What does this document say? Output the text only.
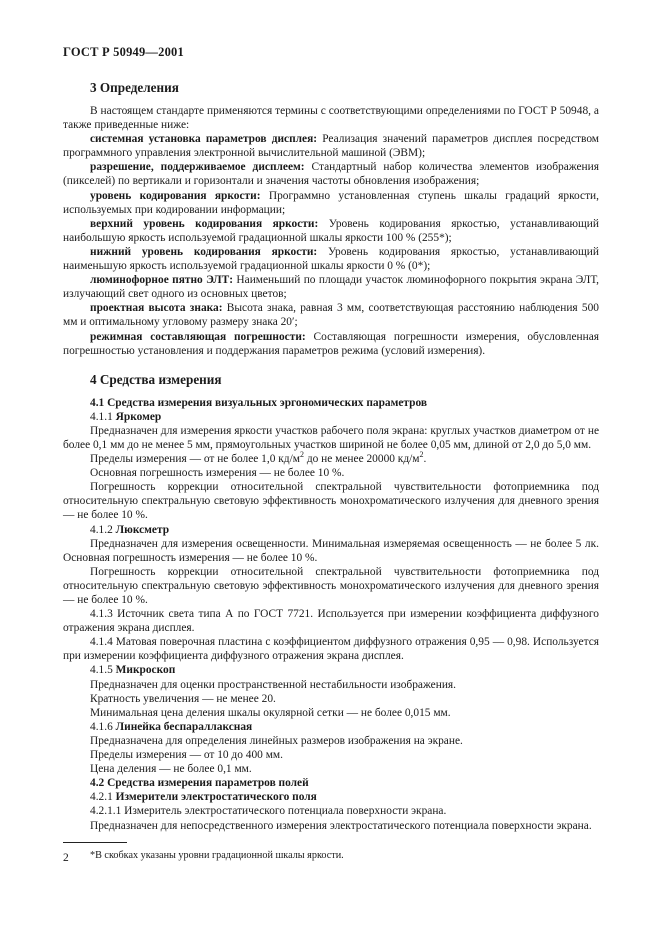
ГОСТ Р 50949—2001
3 Определения

В настоящем стандарте применяются термины с соответствующими определениями по ГОСТ Р 50948, а также приведенные ниже:

системная установка параметров дисплея: Реализация значений параметров дисплея посредством программного управления электронной вычислительной машиной (ЭВМ);

разрешение, поддерживаемое дисплеем: Стандартный набор количества элементов изображения (пикселей) по вертикали и горизонтали и значения частоты обновления изображения;

уровень кодирования яркости: Программно установленная ступень шкалы градаций яркости, используемых при кодировании информации;

верхний уровень кодирования яркости: Уровень кодирования яркостью, устанавливающий наибольшую яркость используемой градационной шкалы яркости 100 % (255*);

нижний уровень кодирования яркости: Уровень кодирования яркостью, устанавливающий наименьшую яркость используемой градационной шкалы яркости 0 % (0*);

люминофорное пятно ЭЛТ: Наименьший по площади участок люминофорного покрытия экрана ЭЛТ, излучающий свет одного из основных цветов;

проектная высота знака: Высота знака, равная 3 мм, соответствующая расстоянию наблюдения 500 мм и оптимальному угловому размеру знака 20′;

режимная составляющая погрешности: Составляющая погрешности измерения, обусловленная погрешностью установления и поддержания параметров режима (условий измерения).

4 Средства измерения

4.1 Средства измерения визуальных эргономических параметров

4.1.1 Яркомер

Предназначен для измерения яркости участков рабочего поля экрана: круглых участков диаметром от не более 0,1 мм до не менее 5 мм, прямоугольных участков шириной не более 0,05 мм, длиной от 2,0 до 5,0 мм.

Пределы измерения — от не более 1,0 $кд/м^2$ до не менее 20000 $кд/м^2$.

Основная погрешность измерения — не более 10 %.

Погрешность коррекции относительной спектральной чувствительности фотоприемника под относительную спектральную световую эффективность монохроматического излучения для дневного зрения — не более 10 %.

4.1.2 Люксметр

Предназначен для измерения освещенности. Минимальная измеряемая освещенность — не более 5 лк. Основная погрешность измерения — не более 10 %.

Погрешность коррекции относительной спектральной чувствительности фотоприемника под относительную спектральную световую эффективность монохроматического излучения для дневного зрения — не более 10 %.

4.1.3 Источник света типа А по ГОСТ 7721. Используется при измерении коэффициента диффузного отражения экрана дисплея.

4.1.4 Матовая поверочная пластина с коэффициентом диффузного отражения 0,95 — 0,98. Используется при измерении коэффициента диффузного отражения экрана дисплея.

4.1.5 Микроскоп

Предназначен для оценки пространственной нестабильности изображения.

Кратность увеличения — не менее 20.

Минимальная цена деления шкалы окулярной сетки — не более 0,015 мм.

4.1.6 Линейка беспараллаксная

Предназначена для определения линейных размеров изображения на экране.

Пределы измерения — от 10 до 400 мм.

Цена деления — не более 0,1 мм.

4.2 Средства измерения параметров полей

4.2.1 Измерители электростатического поля

4.2.1.1 Измеритель электростатического потенциала поверхности экрана.

Предназначен для непосредственного измерения электростатического потенциала поверхности экрана.

*В скобках указаны уровни градационной шкалы яркости.

2
